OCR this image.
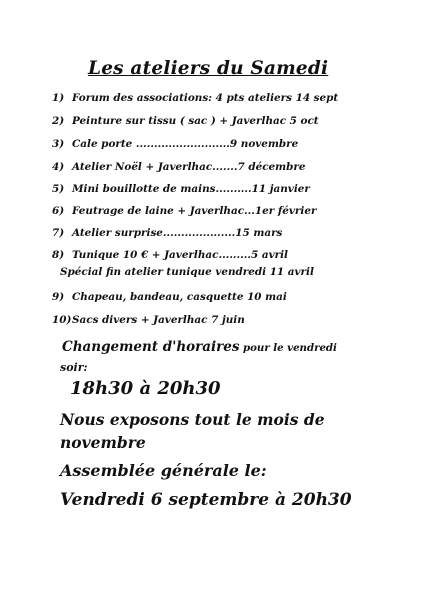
Les ateliers du Samedi
1) Forum des associations: 4 pts ateliers 14 sept
2) Peinture sur tissu ( sac ) + Javerlhac 5 oct
3) Cale porte ..........................9 novembre
4) Atelier Noël + Javerlhac.......7 décembre
5) Mini bouillotte de mains..........11 janvier
6) Feutrage de laine + Javerlhac...1er février
7) Atelier surprise....................15 mars
8) Tunique 10 € + Javerlhac.........5 avril
Spécial fin atelier tunique vendredi 11 avril
9) Chapeau, bandeau, casquette 10 mai
10)Sacs divers + Javerlhac 7 juin
Changement d'horaires pour le vendredi
soir:
18h30 à 20h30
Nous exposons tout le mois de
novembre
Assemblée générale le:
Vendredi 6 septembre à 20h30
